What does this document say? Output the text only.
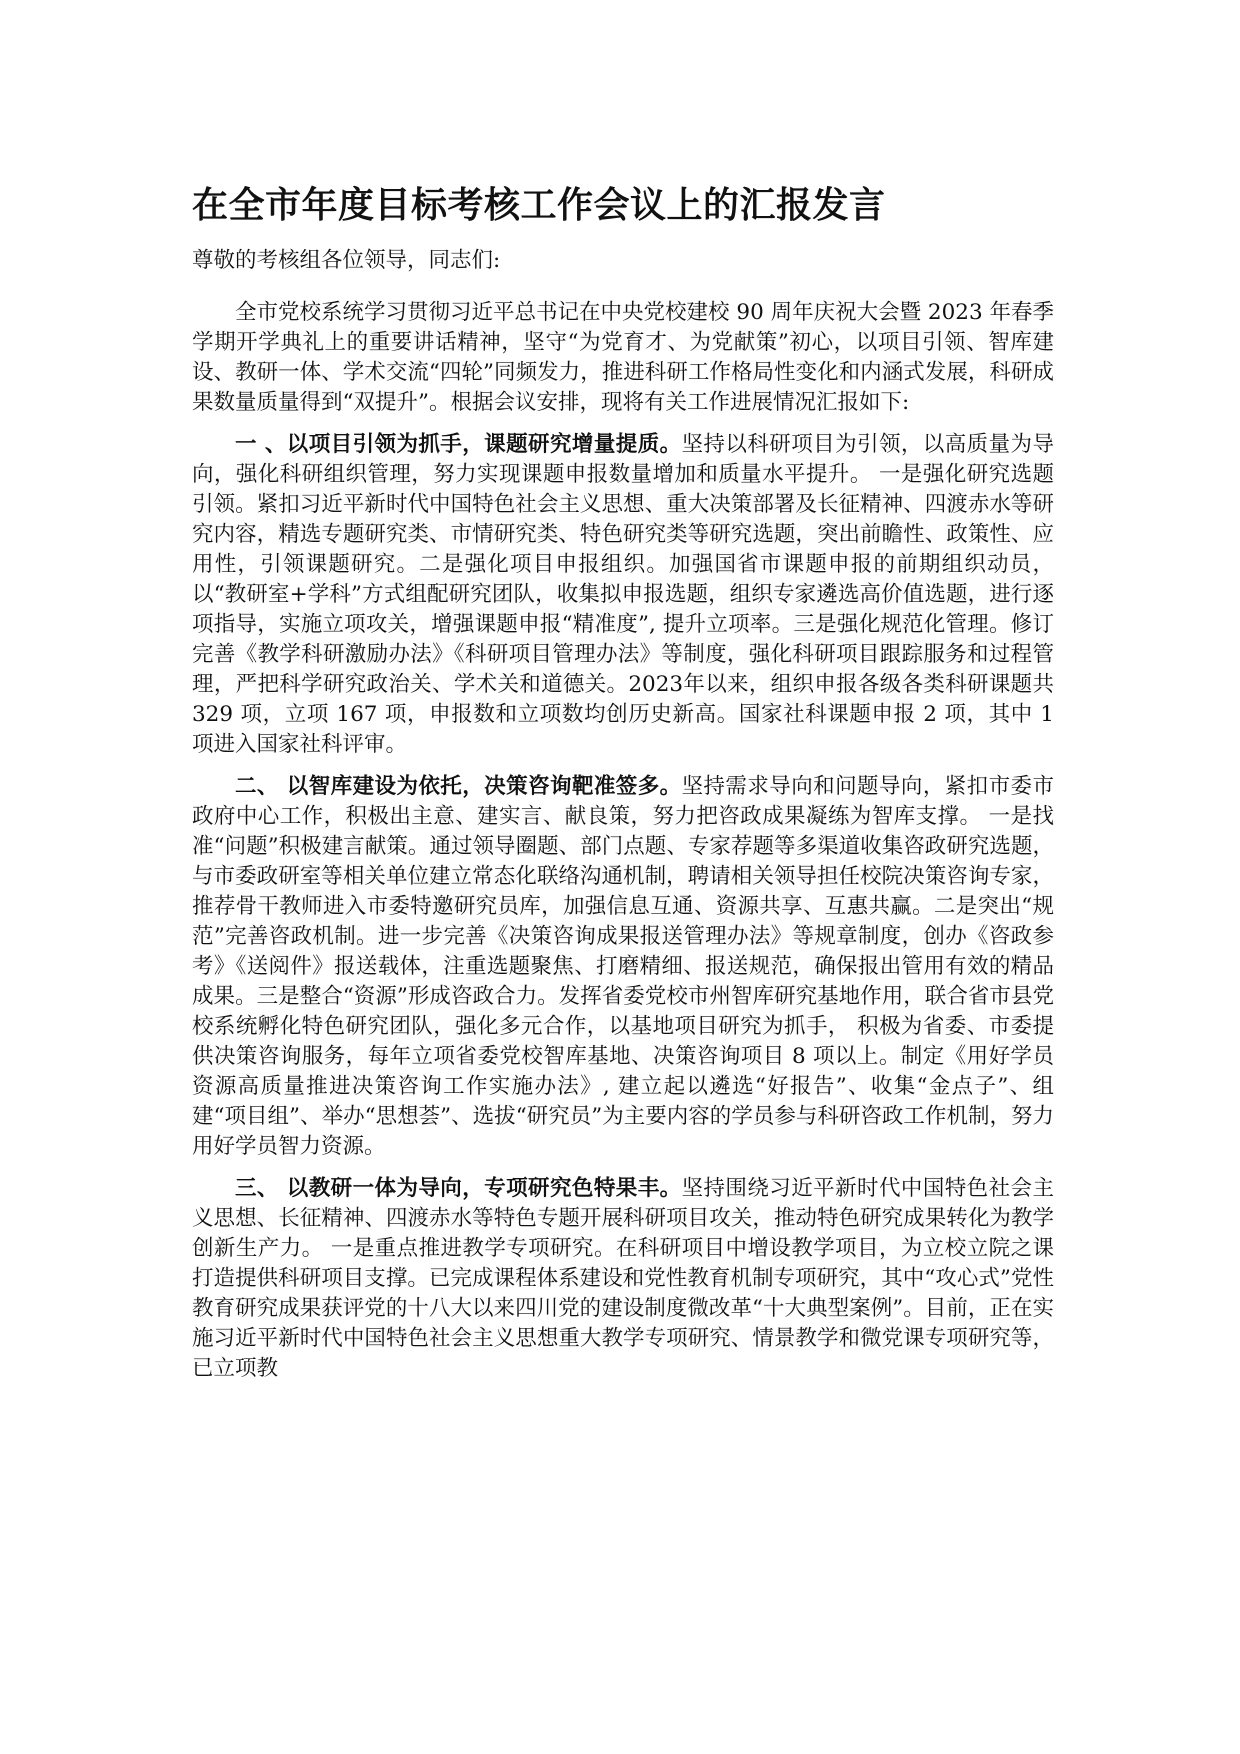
在全市年度目标考核工作会议上的汇报发言

尊敬的考核组各位领导，同志们:

全市党校系统学习贯彻习近平总书记在中央党校建校 90 周年庆祝大会暨 2023 年春季学期开学典礼上的重要讲话精神，坚守“为党育才、为党献策”初心，以项目引领、智库建设、教研一体、学术交流“四轮”同频发力，推进科研工作格局性变化和内涵式发展，科研成果数量质量得到“双提升”。根据会议安排，现将有关工作进展情况汇报如下:

一 、以项目引领为抓手，课题研究增量提质。坚持以科研项目为引领，以高质量为导向，强化科研组织管理，努力实现课题申报数量增加和质量水平提升。 一是强化研究选题引领。紧扣习近平新时代中国特色社会主义思想、重大决策部署及长征精神、四渡赤水等研究内容，精选专题研究类、市情研究类、特色研究类等研究选题，突出前瞻性、政策性、应用性，引领课题研究。二是强化项目申报组织。加强国省市课题申报的前期组织动员，以“教研室+学科”方式组配研究团队，收集拟申报选题，组织专家遴选高价值选题，进行逐项指导，实施立项攻关，增强课题申报“精准度”, 提升立项率。三是强化规范化管理。修订完善《教学科研激励办法》《科研项目管理办法》等制度，强化科研项目跟踪服务和过程管理，严把科学研究政治关、学术关和道德关。2023年以来，组织申报各级各类科研课题共 329 项，立项 167 项，申报数和立项数均创历史新高。国家社科课题申报 2 项，其中 1 项进入国家社科评审。

二、 以智库建设为依托，决策咨询靶准签多。坚持需求导向和问题导向，紧扣市委市政府中心工作，积极出主意、建实言、献良策，努力把咨政成果凝练为智库支撑。 一是找准“问题”积极建言献策。通过领导圈题、部门点题、专家荐题等多渠道收集咨政研究选题，与市委政研室等相关单位建立常态化联络沟通机制，聘请相关领导担任校院决策咨询专家，推荐骨干教师进入市委特邀研究员库，加强信息互通、资源共享、互惠共赢。二是突出“规范”完善咨政机制。进一步完善《决策咨询成果报送管理办法》等规章制度，创办《咨政参考》《送阅件》报送载体，注重选题聚焦、打磨精细、报送规范，确保报出管用有效的精品成果。三是整合“资源”形成咨政合力。发挥省委党校市州智库研究基地作用，联合省市县党校系统孵化特色研究团队，强化多元合作，以基地项目研究为抓手， 积极为省委、市委提供决策咨询服务，每年立项省委党校智库基地、决策咨询项目 8 项以上。制定《用好学员资源高质量推进决策咨询工作实施办法》, 建立起以遴选“好报告”、收集“金点子”、组建“项目组”、举办“思想荟”、选拔“研究员”为主要内容的学员参与科研咨政工作机制，努力用好学员智力资源。

三、 以教研一体为导向，专项研究色特果丰。坚持围绕习近平新时代中国特色社会主义思想、长征精神、四渡赤水等特色专题开展科研项目攻关，推动特色研究成果转化为教学创新生产力。 一是重点推进教学专项研究。在科研项目中增设教学项目，为立校立院之课打造提供科研项目支撑。已完成课程体系建设和党性教育机制专项研究，其中“攻心式”党性教育研究成果获评党的十八大以来四川党的建设制度微改革“十大典型案例”。目前，正在实施习近平新时代中国特色社会主义思想重大教学专项研究、情景教学和微党课专项研究等，已立项教
